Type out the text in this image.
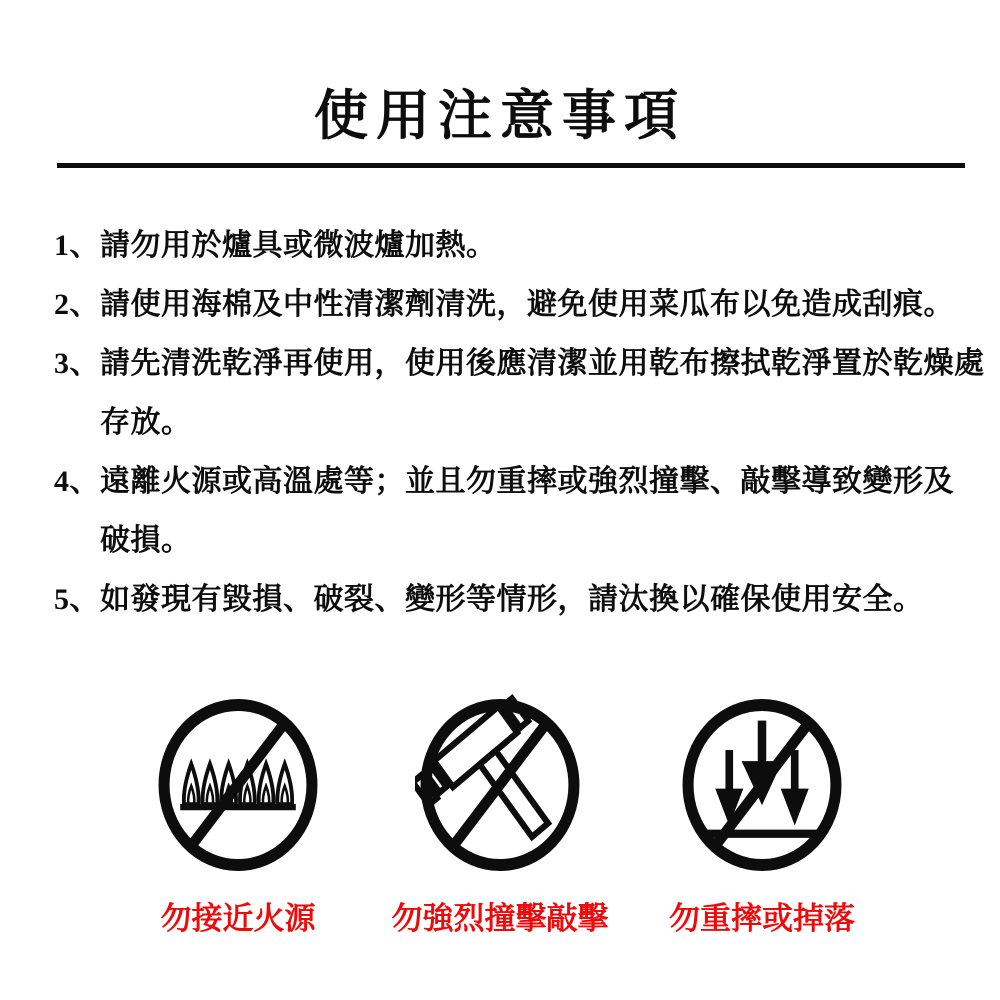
使用注意事項
1、請勿用於爐具或微波爐加熱。
2、請使用海棉及中性清潔劑清洗，避免使用菜瓜布以免造成刮痕。
3、請先清洗乾淨再使用，使用後應清潔並用乾布擦拭乾淨置於乾燥處
存放。
4、遠離火源或高溫處等；並且勿重摔或強烈撞擊、敲擊導致變形及
破損。
5、如發現有毀損、破裂、變形等情形，請汰換以確保使用安全。
勿接近火源 勿強烈撞擊敲擊 勿重摔或掉落
